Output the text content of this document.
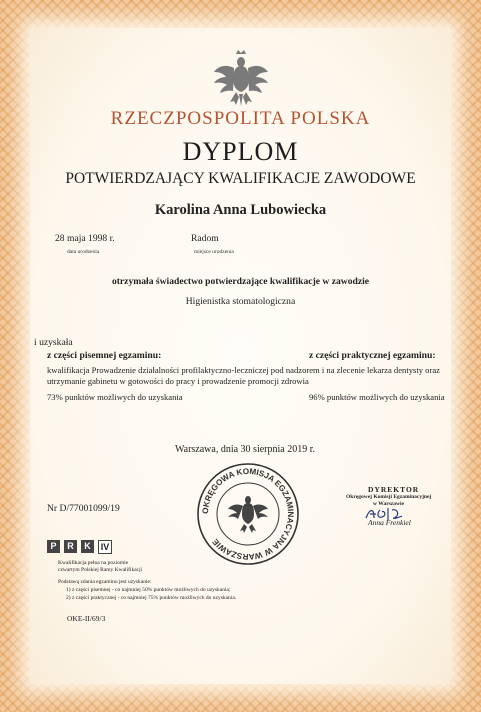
RZECZPOSPOLITA POLSKA
DYPLOM
POTWIERDZAJĄCY KWALIFIKACJE ZAWODOWE
Karolina Anna Lubowiecka
28 maja 1998 r.
data urodzenia
Radom
miejsce urodzenia
otrzymała świadectwo potwierdzające kwalifikacje w zawodzie
Higienistka stomatologiczna
i uzyskała
z części pisemnej egzaminu:	z części praktycznej egzaminu:
kwalifikacja Prowadzenie działalności profilaktyczno-leczniczej pod nadzorem i na zlecenie lekarza dentysty oraz
utrzymanie gabinetu w gotowości do pracy i prowadzenie promocji zdrowia
73% punktów możliwych do uzyskania	96% punktów możliwych do uzyskania
Warszawa, dnia 30 sierpnia 2019 r.
Nr D/77001099/19	OKRĘGOWA KOMISJA EGZAMINACYJNA W WARSZAWIE
DYREKTOR
Okręgowej Komisji Egzaminacyjnej
w Warszawie
Anna Frenkiel
P	R	K	IV
Kwalifikacja pełna na poziomie
czwartym Polskiej Ramy Kwalifikacji
Podstawą zdania egzaminu jest uzyskanie:
1) z części pisemnej - co najmniej 50% punktów możliwych do uzyskania;
2) z części praktycznej - co najmniej 75% punktów możliwych do uzyskania.
OKE-II/69/3
